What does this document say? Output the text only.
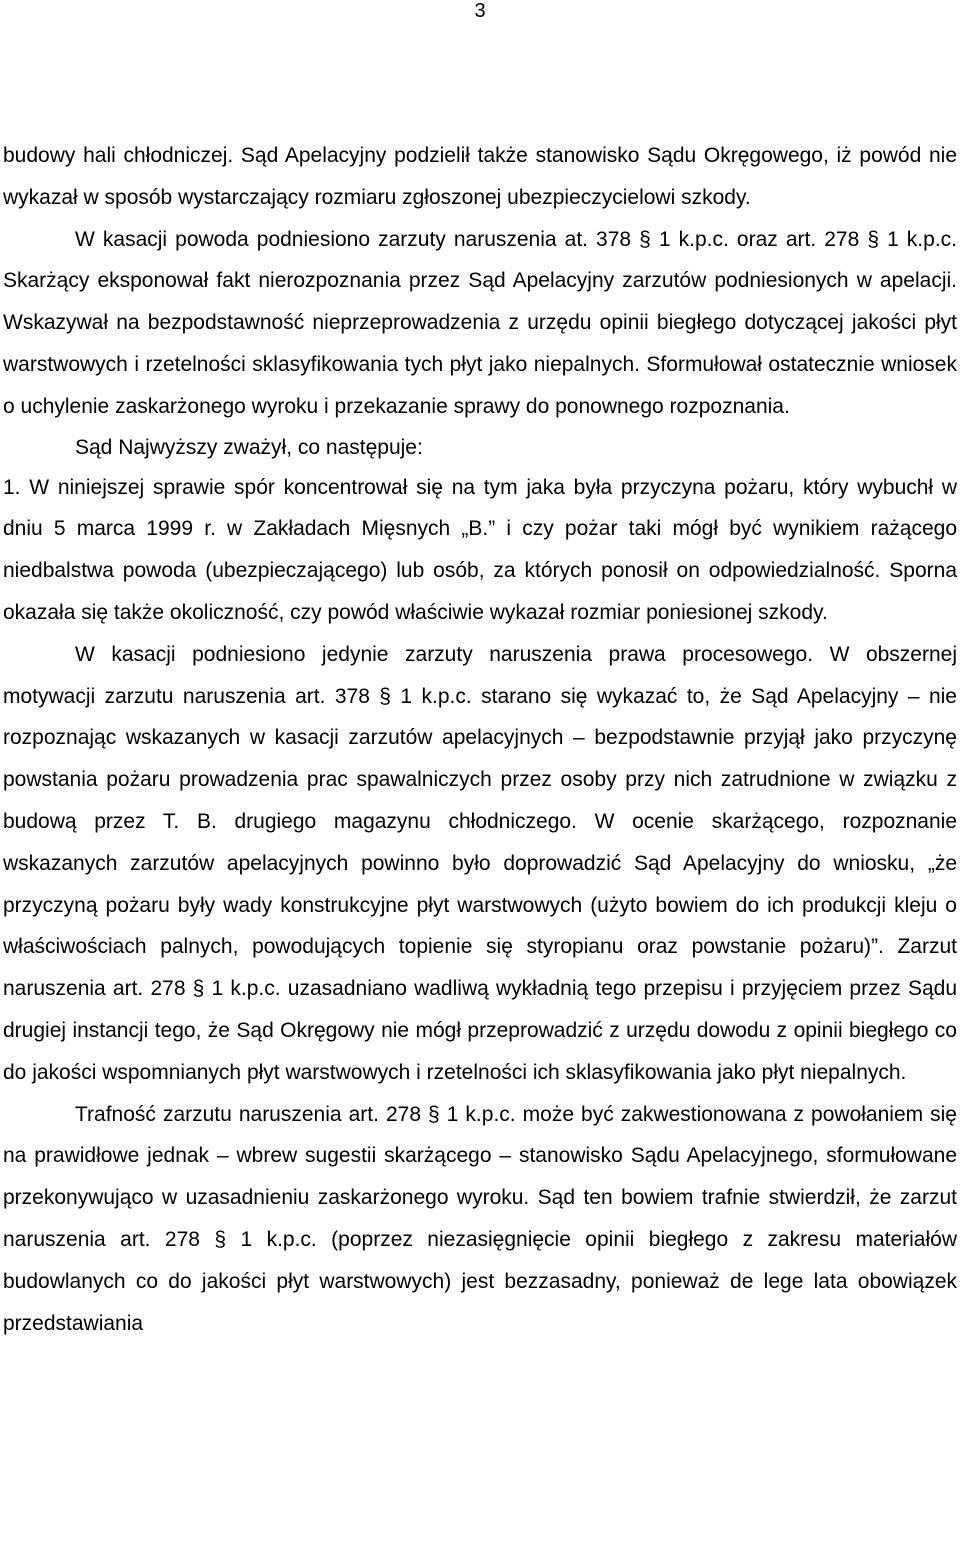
3

budowy hali chłodniczej. Sąd Apelacyjny podzielił także stanowisko Sądu Okręgowego, iż powód nie wykazał w sposób wystarczający rozmiaru zgłoszonej ubezpieczycielowi szkody.

W kasacji powoda podniesiono zarzuty naruszenia at. 378 § 1 k.p.c. oraz art. 278 § 1 k.p.c. Skarżący eksponował fakt nierozpoznania przez Sąd Apelacyjny zarzutów podniesionych w apelacji. Wskazywał na bezpodstawność nieprzeprowadzenia z urzędu opinii biegłego dotyczącej jakości płyt warstwowych i rzetelności sklasyfikowania tych płyt jako niepalnych. Sformułował ostatecznie wniosek o uchylenie zaskarżonego wyroku i przekazanie sprawy do ponownego rozpoznania.

Sąd Najwyższy zważył, co następuje:

1. W niniejszej sprawie spór koncentrował się na tym jaka była przyczyna pożaru, który wybuchł w dniu 5 marca 1999 r. w Zakładach Mięsnych „B.” i czy pożar taki mógł być wynikiem rażącego niedbalstwa powoda (ubezpieczającego) lub osób, za których ponosił on odpowiedzialność. Sporna okazała się także okoliczność, czy powód właściwie wykazał rozmiar poniesionej szkody.

W kasacji podniesiono jedynie zarzuty naruszenia prawa procesowego. W obszernej motywacji zarzutu naruszenia art. 378 § 1 k.p.c. starano się wykazać to, że Sąd Apelacyjny – nie rozpoznając wskazanych w kasacji zarzutów apelacyjnych – bezpodstawnie przyjął jako przyczynę powstania pożaru prowadzenia prac spawalniczych przez osoby przy nich zatrudnione w związku z budową przez T. B. drugiego magazynu chłodniczego. W ocenie skarżącego, rozpoznanie wskazanych zarzutów apelacyjnych powinno było doprowadzić Sąd Apelacyjny do wniosku, „że przyczyną pożaru były wady konstrukcyjne płyt warstwowych (użyto bowiem do ich produkcji kleju o właściwościach palnych, powodujących topienie się styropianu oraz powstanie pożaru)”. Zarzut naruszenia art. 278 § 1 k.p.c. uzasadniano wadliwą wykładnią tego przepisu i przyjęciem przez Sądu drugiej instancji tego, że Sąd Okręgowy nie mógł przeprowadzić z urzędu dowodu z opinii biegłego co do jakości wspomnianych płyt warstwowych i rzetelności ich sklasyfikowania jako płyt niepalnych.

Trafność zarzutu naruszenia art. 278 § 1 k.p.c. może być zakwestionowana z powołaniem się na prawidłowe jednak – wbrew sugestii skarżącego – stanowisko Sądu Apelacyjnego, sformułowane przekonywująco w uzasadnieniu zaskarżonego wyroku. Sąd ten bowiem trafnie stwierdził, że zarzut naruszenia art. 278 § 1 k.p.c. (poprzez niezasięgnięcie opinii biegłego z zakresu materiałów budowlanych co do jakości płyt warstwowych) jest bezzasadny, ponieważ de lege lata obowiązek przedstawiania
